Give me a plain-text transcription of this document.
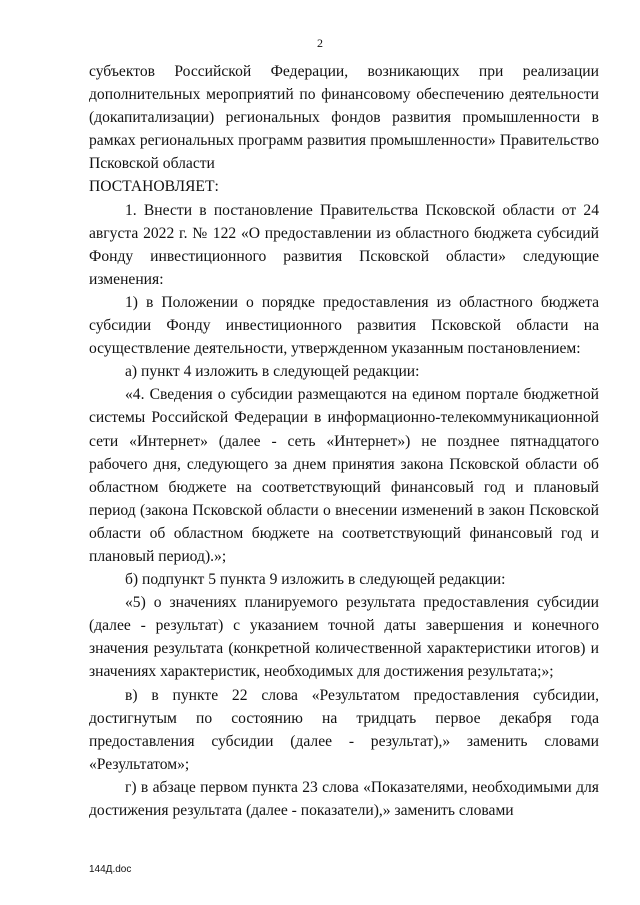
2

субъектов Российской Федерации, возникающих при реализации дополнительных мероприятий по финансовому обеспечению деятельности (докапитализации) региональных фондов развития промышленности в рамках региональных программ развития промышленности» Правительство Псковской области

ПОСТАНОВЛЯЕТ:

1. Внести в постановление Правительства Псковской области от 24 августа 2022 г. № 122 «О предоставлении из областного бюджета субсидий Фонду инвестиционного развития Псковской области» следующие изменения:

1) в Положении о порядке предоставления из областного бюджета субсидии Фонду инвестиционного развития Псковской области на осуществление деятельности, утвержденном указанным постановлением:

а) пункт 4 изложить в следующей редакции:

«4. Сведения о субсидии размещаются на едином портале бюджетной системы Российской Федерации в информационно-телекоммуникационной сети «Интернет» (далее - сеть «Интернет») не позднее пятнадцатого рабочего дня, следующего за днем принятия закона Псковской области об областном бюджете на соответствующий финансовый год и плановый период (закона Псковской области о внесении изменений в закон Псковской области об областном бюджете на соответствующий финансовый год и плановый период).»;

б) подпункт 5 пункта 9 изложить в следующей редакции:

«5) о значениях планируемого результата предоставления субсидии (далее - результат) с указанием точной даты завершения и конечного значения результата (конкретной количественной характеристики итогов) и значениях характеристик, необходимых для достижения результата;»;

в) в пункте 22 слова «Результатом предоставления субсидии, достигнутым по состоянию на тридцать первое декабря года предоставления субсидии (далее - результат),» заменить словами «Результатом»;

г) в абзаце первом пункта 23 слова «Показателями, необходимыми для достижения результата (далее - показатели),» заменить словами

144Д.doc
